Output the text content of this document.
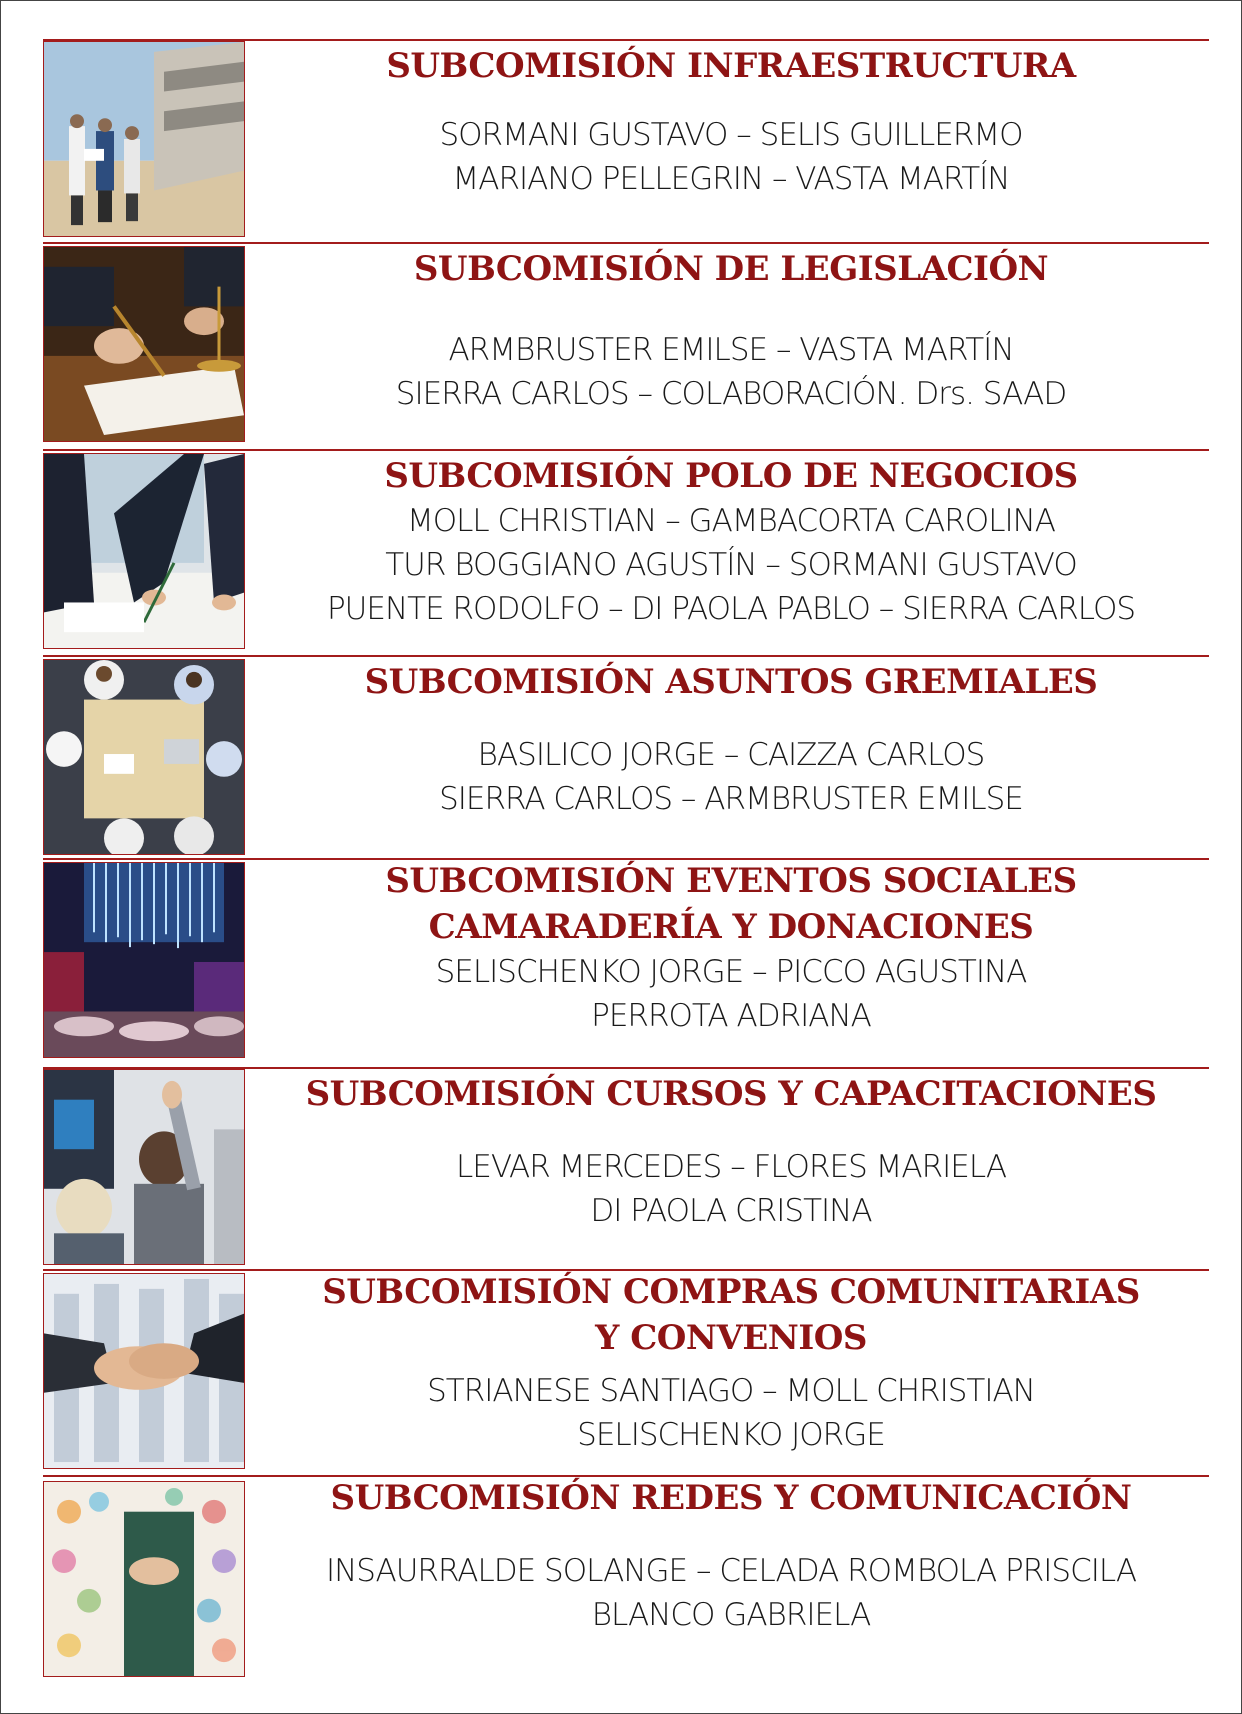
SUBCOMISIÓN INFRAESTRUCTURA
SORMANI GUSTAVO – SELIS GUILLERMO
MARIANO PELLEGRIN – VASTA MARTÍN
SUBCOMISIÓN DE LEGISLACIÓN
ARMBRUSTER EMILSE – VASTA MARTÍN
SIERRA CARLOS – COLABORACIÓN. Drs. SAAD
SUBCOMISIÓN POLO DE NEGOCIOS
MOLL CHRISTIAN – GAMBACORTA CAROLINA
TUR BOGGIANO AGUSTÍN – SORMANI GUSTAVO
PUENTE RODOLFO – DI PAOLA PABLO – SIERRA CARLOS
SUBCOMISIÓN ASUNTOS GREMIALES
BASILICO JORGE – CAIZZA CARLOS
SIERRA CARLOS – ARMBRUSTER EMILSE
SUBCOMISIÓN EVENTOS SOCIALES
CAMARADERÍA Y DONACIONES
SELISCHENKO JORGE – PICCO AGUSTINA
PERROTA ADRIANA
SUBCOMISIÓN CURSOS Y CAPACITACIONES
LEVAR MERCEDES – FLORES MARIELA
DI PAOLA CRISTINA
SUBCOMISIÓN COMPRAS COMUNITARIAS
Y CONVENIOS
STRIANESE SANTIAGO – MOLL CHRISTIAN
SELISCHENKO JORGE
SUBCOMISIÓN REDES Y COMUNICACIÓN
INSAURRALDE SOLANGE – CELADA ROMBOLA PRISCILA
BLANCO GABRIELA
